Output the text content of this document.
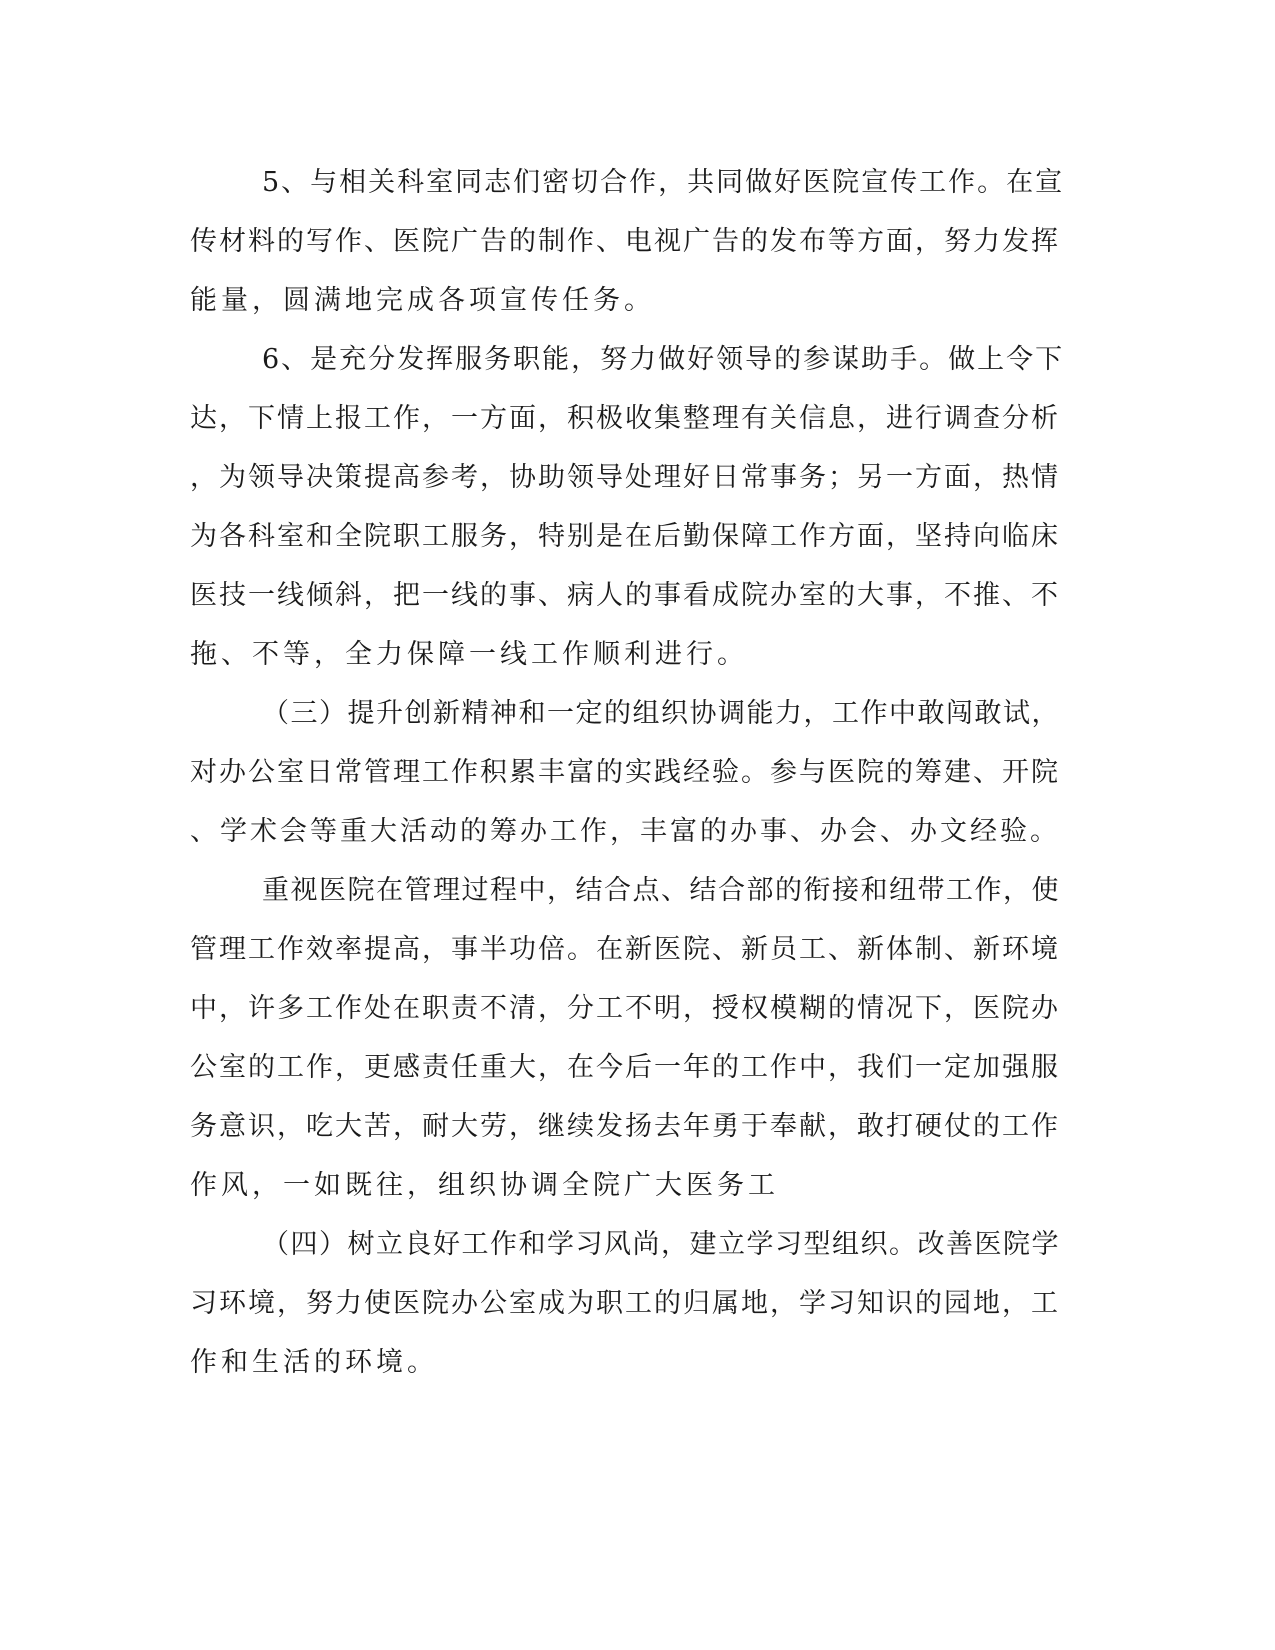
5、与相关科室同志们密切合作，共同做好医院宣传工作。在宣

传材料的写作、医院广告的制作、电视广告的发布等方面，努力发挥

能量，圆满地完成各项宣传任务。

6、是充分发挥服务职能，努力做好领导的参谋助手。做上令下

达，下情上报工作，一方面，积极收集整理有关信息，进行调查分析

，为领导决策提高参考，协助领导处理好日常事务；另一方面，热情

为各科室和全院职工服务，特别是在后勤保障工作方面，坚持向临床

医技一线倾斜，把一线的事、病人的事看成院办室的大事，不推、不

拖、不等，全力保障一线工作顺利进行。

（三）提升创新精神和一定的组织协调能力，工作中敢闯敢试，

对办公室日常管理工作积累丰富的实践经验。参与医院的筹建、开院

、学术会等重大活动的筹办工作，丰富的办事、办会、办文经验。

重视医院在管理过程中，结合点、结合部的衔接和纽带工作，使

管理工作效率提高，事半功倍。在新医院、新员工、新体制、新环境

中，许多工作处在职责不清，分工不明，授权模糊的情况下，医院办

公室的工作，更感责任重大，在今后一年的工作中，我们一定加强服

务意识，吃大苦，耐大劳，继续发扬去年勇于奉献，敢打硬仗的工作

作风，一如既往，组织协调全院广大医务工

（四）树立良好工作和学习风尚，建立学习型组织。改善医院学

习环境，努力使医院办公室成为职工的归属地，学习知识的园地，工

作和生活的环境。
